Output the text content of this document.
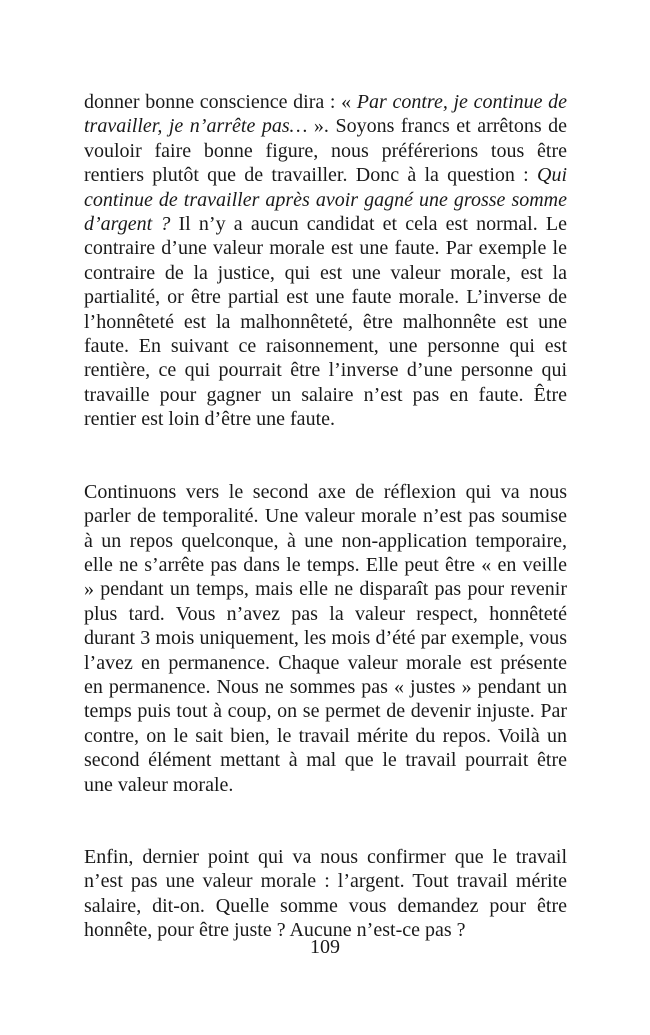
donner bonne conscience dira : « Par contre, je continue de travailler, je n’arrête pas… ». Soyons francs et arrêtons de vouloir faire bonne figure, nous préférerions tous être rentiers plutôt que de travailler. Donc à la question : Qui continue de travailler après avoir gagné une grosse somme d’argent ? Il n’y a aucun candidat et cela est normal. Le contraire d’une valeur morale est une faute. Par exemple le contraire de la justice, qui est une valeur morale, est la partialité, or être partial est une faute morale. L’inverse de l’honnêteté est la malhonnêteté, être malhonnête est une faute. En suivant ce raisonnement, une personne qui est rentière, ce qui pourrait être l’inverse d’une personne qui travaille pour gagner un salaire n’est pas en faute. Être rentier est loin d’être une faute.

Continuons vers le second axe de réflexion qui va nous parler de temporalité. Une valeur morale n’est pas soumise à un repos quelconque, à une non-application temporaire, elle ne s’arrête pas dans le temps. Elle peut être « en veille » pendant un temps, mais elle ne disparaît pas pour revenir plus tard. Vous n’avez pas la valeur respect, honnêteté durant 3 mois uniquement, les mois d’été par exemple, vous l’avez en permanence. Chaque valeur morale est présente en permanence. Nous ne sommes pas « justes » pendant un temps puis tout à coup, on se permet de devenir injuste. Par contre, on le sait bien, le travail mérite du repos. Voilà un second élément mettant à mal que le travail pourrait être une valeur morale.

Enfin, dernier point qui va nous confirmer que le travail n’est pas une valeur morale : l’argent. Tout travail mérite salaire, dit-on. Quelle somme vous demandez pour être honnête, pour être juste ? Aucune n’est-ce pas ?

109
